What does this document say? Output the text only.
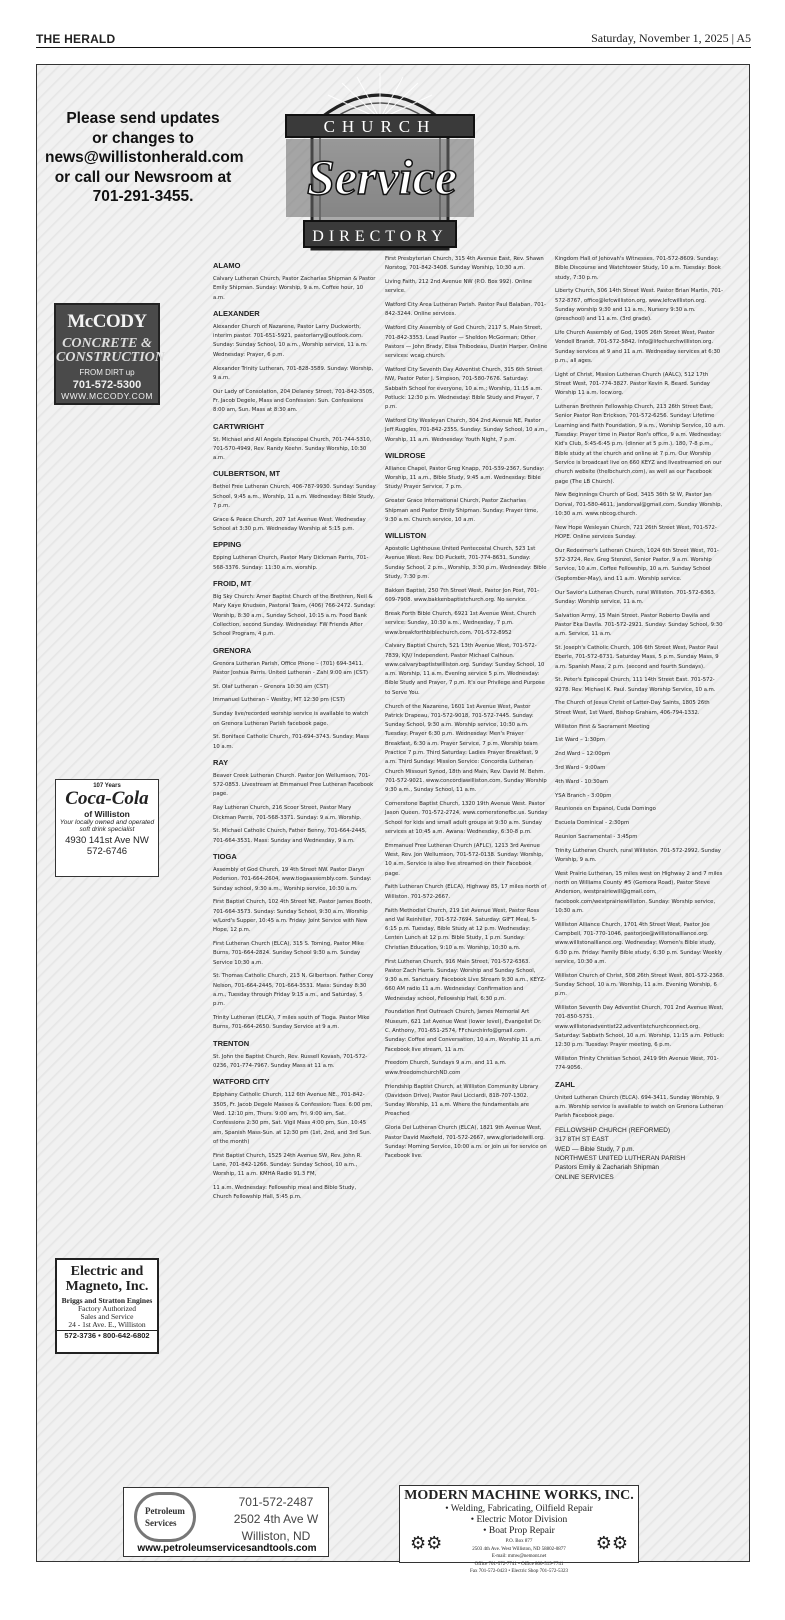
THE HERALD	Saturday, November 1, 2025 | A5
Please send updates
or changes to
news@willistonherald.com
or call our Newsroom at
701-291-3455.
CHURCH
Service
DIRECTORY
McCODY
CONCRETE & CONSTRUCTION
FROM DIRT up
701-572-5300
WWW.MCCODY.COM
107 Years
Coca-Cola
of Williston
Your locally owned and operated soft drink specialist
4930 141st Ave NW
572-6746
Electric and Magneto, Inc.
Briggs and Stratton Engines
Factory Authorized
Sales and Service
24 - 1st Ave. E., Williston
572-3736 • 800-642-6802
Petroleum
Services
701-572-2487
2502 4th Ave W
Williston, ND
www.petroleumservicesandtools.com
MODERN MACHINE WORKS, INC.
• Welding, Fabricating, Oilfield Repair
• Electric Motor Division
• Boat Prop Repair
P.O. Box 877
2503 4th Ave. West Williston, ND 58802-0877
E-mail: mmw@nemont.net
Office 701-572-7741 • Office 800-519-7741
Fax 701-572-0423 • Electric Shop 701-572-5323
⚙⚙	⚙⚙
ALAMO

Calvary Lutheran Church, Pastor Zacharias Shipman & Pastor Emily Shipman. Sunday: Worship, 9 a.m. Coffee hour, 10 a.m.

ALEXANDER

Alexander Church of Nazarene, Pastor Larry Duckworth, interim pastor. 701-651-5921, pastorlarry@outlook.com. Sunday: Sunday School, 10 a.m., Worship service, 11 a.m. Wednesday: Prayer, 6 p.m.

Alexander Trinity Lutheran, 701-828-3589. Sunday: Worship, 9 a.m.

Our Lady of Consolation, 204 Delaney Street, 701-842-3505, Fr. Jacob Degele, Mass and Confession: Sun. Confessions 8:00 am, Sun. Mass at 8:30 am.

CARTWRIGHT

St. Michael and All Angels Episcopal Church, 701-744-5310, 701-570-4949, Rev. Randy Keehn. Sunday Worship, 10:30 a.m.

CULBERTSON, MT

Bethel Free Lutheran Church, 406-787-9930. Sunday: Sunday School, 9:45 a.m., Worship, 11 a.m. Wednesday: Bible Study, 7 p.m.

Grace & Peace Church, 207 1st Avenue West. Wednesday School at 3:30 p.m. Wednesday Worship at 5:15 p.m.

EPPING

Epping Lutheran Church, Pastor Mary Dickman Parris, 701-568-3376. Sunday: 11:30 a.m. worship.

FROID, MT

Big Sky Church: Amer Baptist Church of the Brethren, Neil & Mary Kaye Knudsen, Pastoral Team, (406) 766-2472. Sunday: Worship, 8:30 a.m., Sunday School, 10:15 a.m. Food Bank Collection, second Sunday. Wednesday: FW Friends After School Program, 4 p.m.

GRENORA

Grenora Lutheran Parish, Office Phone – (701) 694-3411. Pastor Joshua Parris. United Lutheran - Zahl 9:00 am (CST)

St. Olaf Lutheran – Grenora 10:30 am (CST)

Immanuel Lutheran – Westby, MT 12:30 pm (CST)

Sunday live/recorded worship service is available to watch on Grenora Lutheran Parish facebook page.

St. Boniface Catholic Church, 701-694-3743. Sunday: Mass 10 a.m.

RAY

Beaver Creek Lutheran Church. Pastor Jon Wellumson, 701-572-0853. Livestream at Emmanuel Free Lutheran Facebook page.

Ray Lutheran Church, 216 Scoer Street, Pastor Mary Dickman Parris, 701-568-3371. Sunday: 9 a.m. Worship.

St. Michael Catholic Church, Father Benny, 701-664-2445, 701-664-3531. Mass: Sunday and Wednesday, 9 a.m.

TIOGA

Assembly of God Church, 19 4th Street NW. Pastor Daryn Pederson. 701-664-2604, www.tiogaassembly.com. Sunday: Sunday school, 9:30 a.m., Worship service, 10:30 a.m.

First Baptist Church, 102 4th Street NE. Pastor James Booth, 701-664-3573. Sunday: Sunday School, 9:30 a.m. Worship w/Lord's Supper, 10:45 a.m. Friday: Joint Service with New Hope, 12 p.m.

First Lutheran Church (ELCA), 315 S. Toming, Pastor Mike Burns, 701-664-2824. Sunday School 9:30 a.m. Sunday Service 10:30 a.m.

St. Thomas Catholic Church, 213 N. Gilbertson. Father Corey Nelson, 701-664-2445, 701-664-3531. Mass: Sunday 8:30 a.m., Tuesday through Friday 9:15 a.m., and Saturday, 5 p.m.

Trinity Lutheran (ELCA), 7 miles south of Tioga. Pastor Mike Burns, 701-664-2650. Sunday Service at 9 a.m.

TRENTON

St. John the Baptist Church, Rev. Russell Kovash, 701-572-0236, 701-774-7967. Sunday Mass at 11 a.m.

WATFORD CITY

Epiphany Catholic Church, 112 6th Avenue NE., 701-842-3505, Fr. Jacob Degele Masses & Confession: Tues. 6:00 pm, Wed. 12:10 pm, Thurs. 9:00 am, Fri. 9:00 am, Sat. Confessions 2:30 pm, Sat. Vigil Mass 4:00 pm, Sun. 10:45 am, Spanish Mass-Sun. at 12:30 pm (1st, 2nd, and 3rd Sun. of the month)

First Baptist Church, 1525 24th Avenue SW, Rev. John R. Lane, 701-842-1266. Sunday: Sunday School, 10 a.m., Worship, 11 a.m. KMHA Radio 91.3 FM,

11 a.m. Wednesday: Fellowship meal and Bible Study, Church Fellowship Hall, 5:45 p.m.

First Presbyterian Church, 315 4th Avenue East, Rev. Shawn Norstog, 701-842-3408. Sunday Worship, 10:30 a.m.

Living Faith, 212 2nd Avenue NW (P.O. Box 992). Online service.

Watford City Area Lutheran Parish. Pastor Paul Balaban. 701-842-3244. Online services.

Watford City Assembly of God Church, 2117 S. Main Street, 701-842-3353. Lead Pastor — Sheldon McGorman; Other Pastors — John Brady, Elisa Thibodeau, Dustin Harper. Online services: wcag.church.

Watford City Seventh Day Adventist Church, 315 6th Street NW, Pastor Peter J. Simpson, 701-580-7676. Saturday: Sabbath School for everyone, 10 a.m.; Worship, 11:15 a.m. Potluck: 12:30 p.m. Wednesday: Bible Study and Prayer, 7 p.m.

Watford City Wesleyan Church, 304 2nd Avenue NE, Pastor Jeff Ruggles, 701-842-2355. Sunday: Sunday School, 10 a.m., Worship, 11 a.m. Wednesday: Youth Night, 7 p.m.

WILDROSE

Alliance Chapel, Pastor Greg Knapp, 701-539-2367. Sunday: Worship, 11 a.m., Bible Study, 9:45 a.m. Wednesday: Bible Study/ Prayer Service, 7 p.m.

Greater Grace International Church, Pastor Zacharias Shipman and Pastor Emily Shipman. Sunday: Prayer time, 9:30 a.m. Church service, 10 a.m.

WILLISTON

Apostolic Lighthouse United Pentecostal Church, 523 1st Avenue West. Rev. DD Puckett, 701-774-8631. Sunday: Sunday School, 2 p.m., Worship, 3:30 p.m. Wednesday: Bible Study, 7:30 p.m.

Bakken Baptist, 250 7th Street West, Pastor Jon Post, 701-609-7908. www.bakkenbaptistchurch.org. No service.

Break Forth Bible Church, 6921 1st Avenue West. Church service: Sunday, 10:30 a.m., Wednesday, 7 p.m. www.breakforthbiblechurch.com. 701-572-8952

Calvary Baptist Church, 521 13th Avenue West, 701-572-7839, KJV/ Independent. Pastor Michael Calhoun. www.calvarybaptistwilliston.org. Sunday: Sunday School, 10 a.m. Worship, 11 a.m. Evening service 5 p.m. Wednesday: Bible Study and Prayer, 7 p.m. It's our Privilege and Purpose to Serve You.

Church of the Nazarene, 1601 1st Avenue West, Pastor Patrick Drapeau, 701-572-9018, 701-572-7445. Sunday: Sunday School, 9:30 a.m. Worship service, 10:30 a.m. Tuesday: Prayer 6:30 p.m. Wednesday: Men's Prayer Breakfast, 6:30 a.m. Prayer Service, 7 p.m. Worship team Practice 7 p.m. Third Saturday: Ladies Prayer Breakfast, 9 a.m. Third Sunday: Mission Service: Concordia Lutheran Church Missouri Synod, 18th and Main, Rev. David M. Behm. 701-572-9021. www.concordiawilliston.com. Sunday Worship 9:30 a.m., Sunday School, 11 a.m.

Cornerstone Baptist Church, 1320 19th Avenue West. Pastor Jason Queen. 701-572-2724, www.cornerstonefbc.us. Sunday School for kids and small adult groups at 9:30 a.m. Sunday services at 10:45 a.m. Awana: Wednesday, 6:30-8 p.m.

Emmanuel Free Lutheran Church (AFLC), 1213 3rd Avenue West, Rev. Jon Wellumson, 701-572-0138. Sunday: Worship, 10 a.m. Service is also live streamed on their Facebook page.

Faith Lutheran Church (ELCA), Highway 85, 17 miles north of Williston. 701-572-2667.

Faith Methodist Church, 219 1st Avenue West, Pastor Ross and Val Reinhiller, 701-572-7694. Saturday: GIFT Meal, 5-6:15 p.m. Tuesday, Bible Study at 12 p.m. Wednesday: Lenten Lunch at 12 p.m. Bible Study, 1 p.m. Sunday: Christian Education, 9:10 a.m. Worship, 10:30 a.m.

First Lutheran Church, 916 Main Street, 701-572-6363. Pastor Zach Harris. Sunday: Worship and Sunday School, 9:30 a.m. Sanctuary. Facebook Live Stream 9:30 a.m., KEYZ-660 AM radio 11 a.m. Wednesday: Confirmation and Wednesday school, Fellowship Hall, 6:30 p.m.

Foundation First Outreach Church, James Memorial Art Museum, 621 1st Avenue West (lower level), Evangelist Dr. C. Anthony, 701-651-2574, FFchurchinfo@gmail.com. Sunday: Coffee and Conversation, 10 a.m. Worship 11 a.m. Facebook live stream, 11 a.m.

Freedom Church, Sundays 9 a.m. and 11 a.m. www.freedomchurchND.com

Friendship Baptist Church, at Williston Community Library (Davidson Drive), Pastor Paul Licciardi, 818-707-1302. Sunday Worship, 11 a.m. Where the fundamentals are Preached

Gloria Dei Lutheran Church (ELCA), 1821 9th Avenue West, Pastor David Maxfield, 701-572-2667, www.gloriadeiwill.org. Sunday: Morning Service, 10:00 a.m. or join us for service on Facebook live.

Kingdom Hall of Jehovah's Witnesses. 701-572-8609. Sunday: Bible Discourse and Watchtower Study, 10 a.m. Tuesday: Book study, 7:30 p.m.

Liberty Church, 506 14th Street West. Pastor Brian Martin, 701-572-8767, office@lefcwilliston.org, www.lefcwilliston.org. Sunday worship 9:30 and 11 a.m., Nursery 9:30 a.m. (preschool) and 11 a.m. (3rd grade).

Life Church Assembly of God, 1905 26th Street West, Pastor Vondell Brandt. 701-572-5842. info@lifechurchwilliston.org. Sunday services at 9 and 11 a.m. Wednesday services at 6:30 p.m., all ages.

Light of Christ, Mission Lutheran Church (AALC), 512 17th Street West, 701-774-3827. Pastor Kevin R. Beard. Sunday Worship 11 a.m. locw.org.

Lutheran Brethren Fellowship Church, 213 26th Street East, Senior Pastor Ron Erickson, 701-572-6256. Sunday: Lifetime Learning and Faith Foundation, 9 a.m., Worship Service, 10 a.m. Tuesday: Prayer time in Pastor Ron's office, 9 a.m. Wednesday: Kid's Club, 5:45-6:45 p.m. (dinner at 5 p.m.). 180, 7-8 p.m., Bible study at the church and online at 7 p.m. Our Worship Service is broadcast live on 660 KEYZ and livestreamed on our church website (thelbchurch.com), as well as our Facebook page (The LB Church).

New Beginnings Church of God, 3415 36th St W, Pastor Jan Dorval, 701-580-4611, jandorval@gmail.com. Sunday Worship, 10:30 a.m. www.nbcog.church.

New Hope Wesleyan Church, 721 26th Street West, 701-572-HOPE. Online services Sunday.

Our Redeemer's Lutheran Church, 1024 6th Street West, 701-572-3724. Rev. Greg Stenzel, Senior Pastor. 9 a.m. Worship Service, 10 a.m. Coffee Fellowship, 10 a.m. Sunday School (September-May), and 11 a.m. Worship service.

Our Savior's Lutheran Church, rural Williston. 701-572-6363. Sunday: Worship service, 11 a.m.

Salvation Army, 15 Main Street. Pastor Roberto Davila and Pastor Eka Davila. 701-572-2921. Sunday: Sunday School, 9:30 a.m. Service, 11 a.m.

St. Joseph's Catholic Church, 106 6th Street West, Pastor Paul Eberle, 701-572-6731. Saturday Mass, 5 p.m. Sunday Mass, 9 a.m. Spanish Mass, 2 p.m. (second and fourth Sundays).

St. Peter's Episcopal Church, 111 14th Street East. 701-572-9278. Rev. Michael K. Paul. Sunday Worship Service, 10 a.m.

The Church of Jesus Christ of Latter-Day Saints, 1805 26th Street West, 1st Ward, Bishop Graham, 406-794-1332.

Williston First & Sacrament Meeting

1st Ward – 1:30pm

2nd Ward – 12:00pm

3rd Ward – 9:00am

4th Ward - 10:30am

YSA Branch - 3:00pm

Reuniones en Espanol, Cuda Domingo

Escuela Dominical - 2:30pm

Reunion Sacramental - 3:45pm

Trinity Lutheran Church, rural Williston. 701-572-2992. Sunday Worship, 9 a.m.

West Prairie Lutheran, 15 miles west on Highway 2 and 7 miles north on Williams County #5 (Gemora Road), Pastor Steve Anderson, westprairiewill@gmail.com, facebook.com/westprairiewilliston. Sunday: Worship service, 10:30 a.m.

Williston Alliance Church, 1701 4th Street West, Pastor Joe Campbell, 701-770-1046, pastorjoe@willistonalliance.org. www.willistonalliance.org. Wednesday: Women's Bible study, 6:30 p.m. Friday: Family Bible study, 6:30 p.m. Sunday: Weekly service, 10:30 a.m.

Williston Church of Christ, 508 26th Street West, 801-572-2368. Sunday School, 10 a.m. Worship, 11 a.m. Evening Worship, 6 p.m.

Williston Seventh Day Adventist Church, 701 2nd Avenue West, 701-850-5731. www.willistonadventist22.adventistchurchconnect.org. Saturday: Sabbath School, 10 a.m. Worship, 11:15 a.m. Potluck: 12:30 p.m. Tuesday: Prayer meeting, 6 p.m.

Williston Trinity Christian School, 2419 9th Avenue West, 701-774-9056.

ZAHL

United Lutheran Church (ELCA). 694-3411. Sunday Worship, 9 a.m. Worship service is available to watch on Grenora Lutheran Parish Facebook page.

FELLOWSHIP CHURCH (REFORMED)

317 8TH ST EAST

WED — Bible Study, 7 p.m.

NORTHWEST UNITED LUTHERAN PARISH

Pastors Emily & Zachariah Shipman

ONLINE SERVICES
